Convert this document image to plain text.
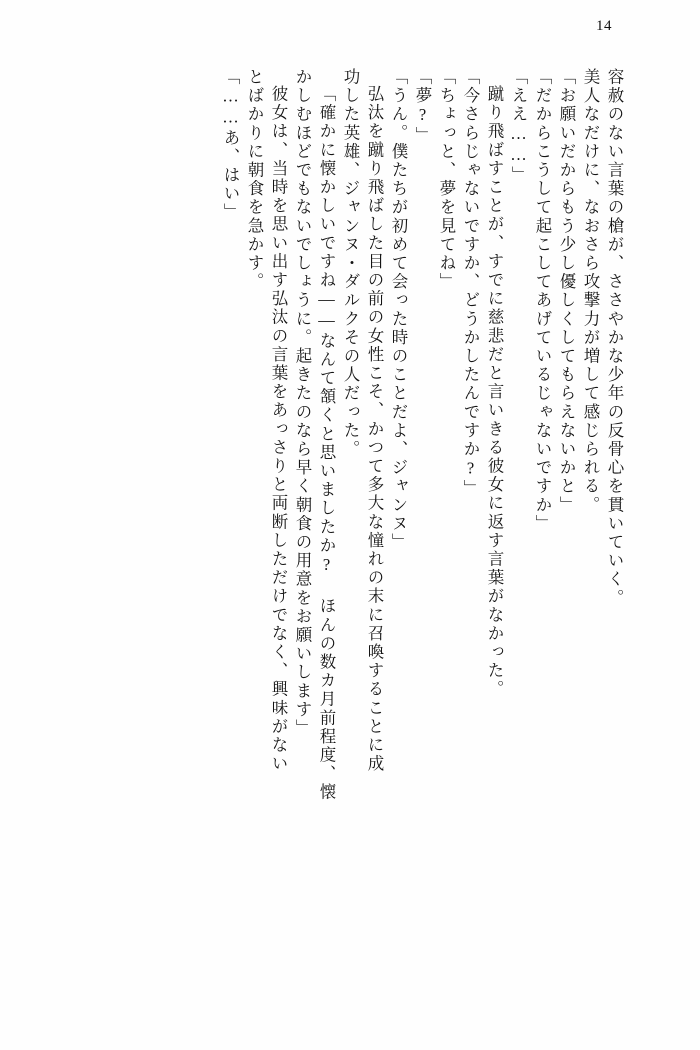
14
容赦のない言葉の槍が、ささやかな少年の反骨心を貫いていく。
美人なだけに、なおさら攻撃力が増して感じられる。
「お願いだからもう少し優しくしてもらえないかと」
「だからこうして起こしてあげているじゃないですか」
「ええ……」
蹴り飛ばすことが、すでに慈悲だと言いきる彼女に返す言葉がなかった。
「今さらじゃないですか、どうかしたんですか?」
「ちょっと、夢を見てね」
「夢?」
「うん。僕たちが初めて会った時のことだよ、ジャンヌ」
弘汰を蹴り飛ばした目の前の女性こそ、かつて多大な憧れの末に召喚することに成
功した英雄、ジャンヌ・ダルクその人だった。
「確かに懐かしいですね——なんて頷くと思いましたか? ほんの数カ月前程度、懐
かしむほどでもないでしょうに。起きたのなら早く朝食の用意をお願いします」
彼女は、当時を思い出す弘汰の言葉をあっさりと両断しただけでなく、興味がない
とばかりに朝食を急かす。
「……あ、はい」
